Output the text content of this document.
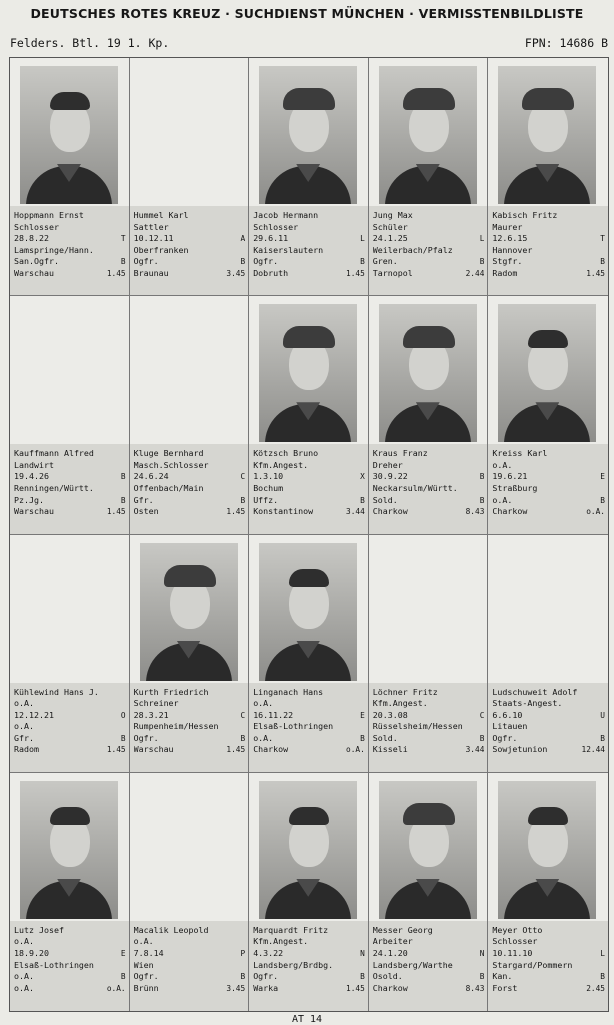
DEUTSCHES ROTES KREUZ · SUCHDIENST MÜNCHEN · VERMISSTENBILDLISTE
Felders. Btl. 19 1. Kp.	FPN: 14686 B
Hoppmann Ernst
Schlosser
28.8.22	T
Lamspringe/Hann.
San.Ogfr.	B
Warschau	1.45
Hummel Karl
Sattler
10.12.11	A
Oberfranken
Ogfr.	B
Braunau	3.45
Jacob Hermann
Schlosser
29.6.11	L
Kaiserslautern
Ogfr.	B
Dobruth	1.45
Jung Max
Schüler
24.1.25	L
Weilerbach/Pfalz
Gren.	B
Tarnopol	2.44
Kabisch Fritz
Maurer
12.6.15	T
Hannover
Stgfr.	B
Radom	1.45
Kauffmann Alfred
Landwirt
19.4.26	B
Renningen/Württ.
Pz.Jg.	B
Warschau	1.45
Kluge Bernhard
Masch.Schlosser
24.6.24	C
Offenbach/Main
Gfr.	B
Osten	1.45
Kötzsch Bruno
Kfm.Angest.
1.3.10	X
Bochum
Uffz.	B
Konstantinow	3.44
Kraus Franz
Dreher
30.9.22	B
Neckarsulm/Württ.
Sold.	B
Charkow	8.43
Kreiss Karl
o.A.
19.6.21	E
Straßburg
o.A.	B
Charkow	o.A.
Kühlewind Hans J.
o.A.
12.12.21	O
o.A.
Gfr.	B
Radom	1.45
Kurth Friedrich
Schreiner
28.3.21	C
Rumpenheim/Hessen
Ogfr.	B
Warschau	1.45
Linganach Hans
o.A.
16.11.22	E
Elsaß-Lothringen
o.A.	B
Charkow	o.A.
Löchner Fritz
Kfm.Angest.
20.3.08	C
Rüsselsheim/Hessen
Sold.	B
Kisseli	3.44
Ludschuweit Adolf
Staats-Angest.
6.6.10	U
Litauen
Ogfr.	B
Sowjetunion	12.44
Lutz Josef
o.A.
18.9.20	E
Elsaß-Lothringen
o.A.	B
o.A.	o.A.
Macalik Leopold
o.A.
7.8.14	P
Wien
Ogfr.	B
Brünn	3.45
Marquardt Fritz
Kfm.Angest.
4.3.22	N
Landsberg/Brdbg.
Ogfr.	B
Warka	1.45
Messer Georg
Arbeiter
24.1.20	N
Landsberg/Warthe
Osold.	B
Charkow	8.43
Meyer Otto
Schlosser
10.11.10	L
Stargard/Pommern
Kan.	B
Forst	2.45
AT 14
